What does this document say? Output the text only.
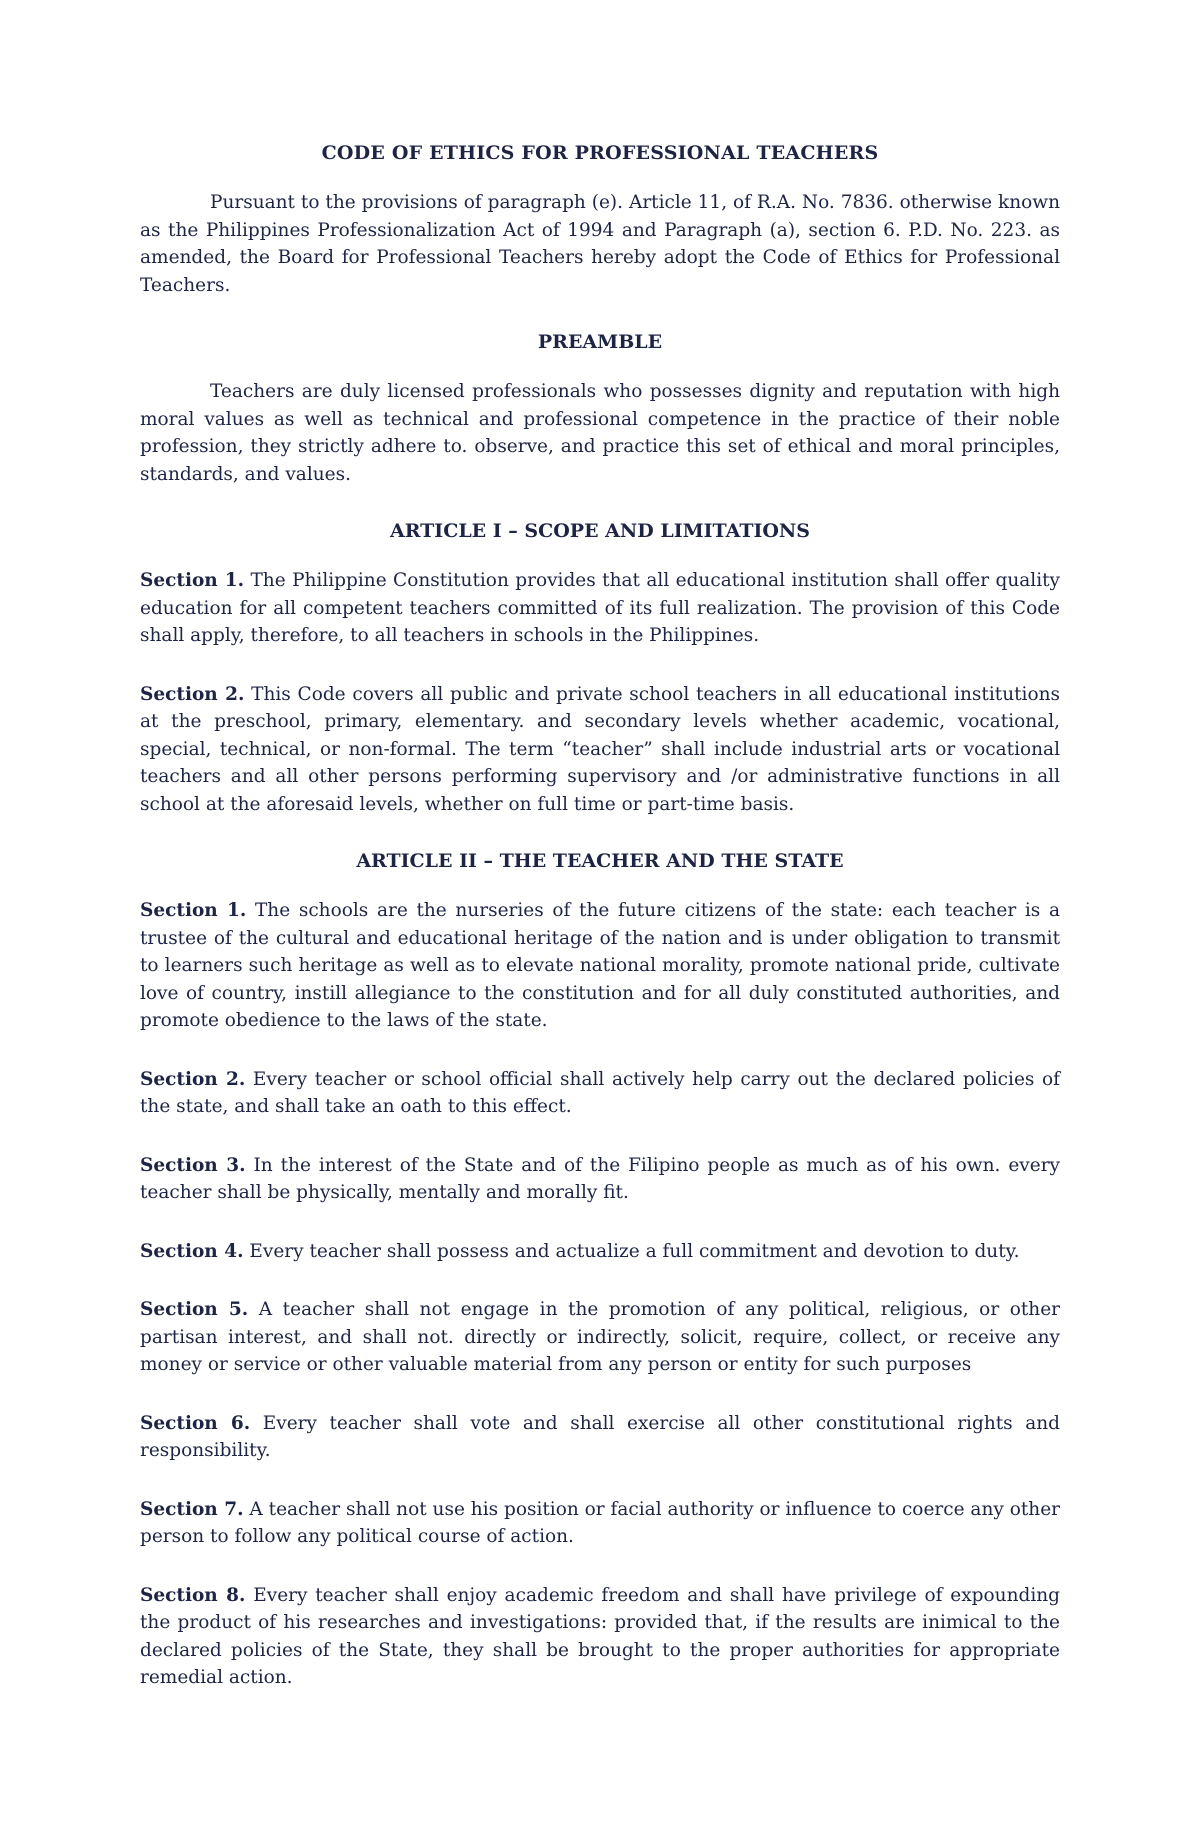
CODE OF ETHICS FOR PROFESSIONAL TEACHERS

Pursuant to the provisions of paragraph (e). Article 11, of R.A. No. 7836. otherwise known as the Philippines Professionalization Act of 1994 and Paragraph (a), section 6. P.D. No. 223. as amended, the Board for Professional Teachers hereby adopt the Code of Ethics for Professional Teachers.

PREAMBLE

Teachers are duly licensed professionals who possesses dignity and reputation with high moral values as well as technical and professional competence in the practice of their noble profession, they strictly adhere to. observe, and practice this set of ethical and moral principles, standards, and values.

ARTICLE I – SCOPE AND LIMITATIONS

Section 1. The Philippine Constitution provides that all educational institution shall offer quality education for all competent teachers committed of its full realization. The provision of this Code shall apply, therefore, to all teachers in schools in the Philippines.

Section 2. This Code covers all public and private school teachers in all educational institutions at the preschool, primary, elementary. and secondary levels whether academic, vocational, special, technical, or non-formal. The term “teacher” shall include industrial arts or vocational teachers and all other persons performing supervisory and /or administrative functions in all school at the aforesaid levels, whether on full time or part-time basis.

ARTICLE II – THE TEACHER AND THE STATE

Section 1. The schools are the nurseries of the future citizens of the state: each teacher is a trustee of the cultural and educational heritage of the nation and is under obligation to transmit to learners such heritage as well as to elevate national morality, promote national pride, cultivate love of country, instill allegiance to the constitution and for all duly constituted authorities, and promote obedience to the laws of the state.

Section 2. Every teacher or school official shall actively help carry out the declared policies of the state, and shall take an oath to this effect.

Section 3. In the interest of the State and of the Filipino people as much as of his own. every teacher shall be physically, mentally and morally fit.

Section 4. Every teacher shall possess and actualize a full commitment and devotion to duty.

Section 5. A teacher shall not engage in the promotion of any political, religious, or other partisan interest, and shall not. directly or indirectly, solicit, require, collect, or receive any money or service or other valuable material from any person or entity for such purposes

Section 6. Every teacher shall vote and shall exercise all other constitutional rights and responsibility.

Section 7. A teacher shall not use his position or facial authority or influence to coerce any other person to follow any political course of action.

Section 8. Every teacher shall enjoy academic freedom and shall have privilege of expounding the product of his researches and investigations: provided that, if the results are inimical to the declared policies of the State, they shall be brought to the proper authorities for appropriate remedial action.
